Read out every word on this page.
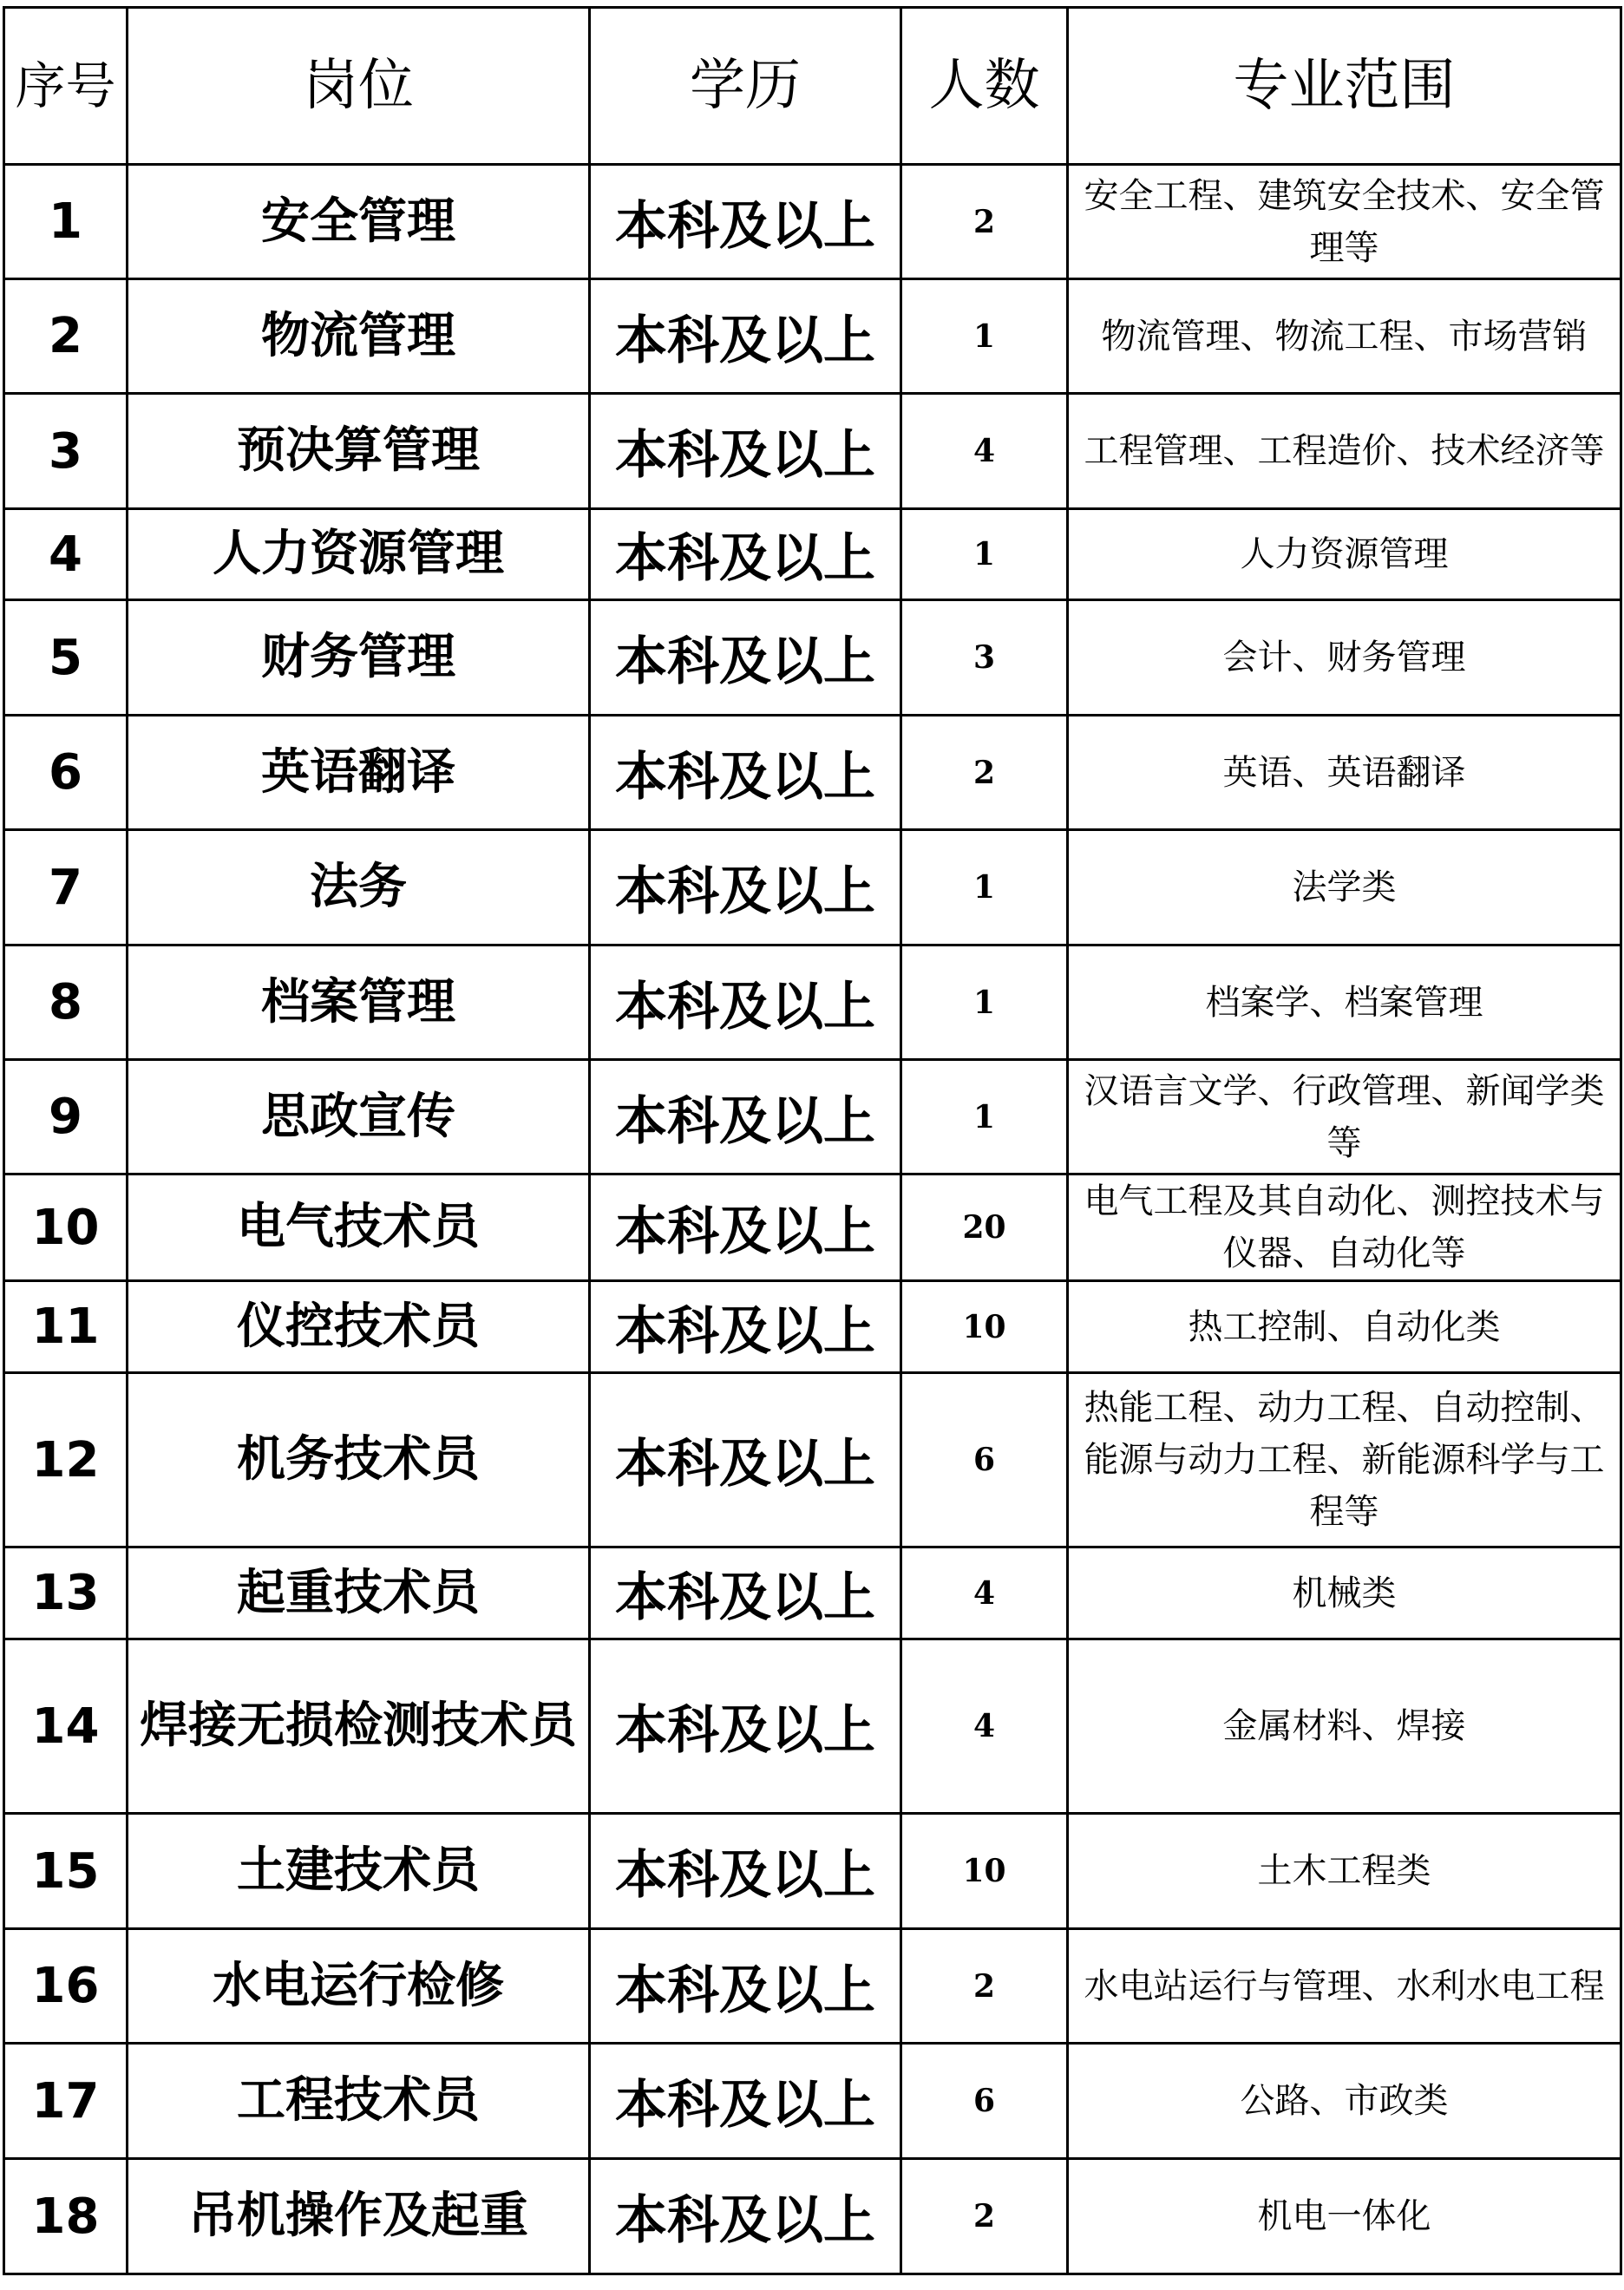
序号	岗位	学历	人数	专业范围
1	安全管理	本科及以上	2	安全工程、建筑安全技术、安全管理等
2	物流管理	本科及以上	1	物流管理、物流工程、市场营销
3	预决算管理	本科及以上	4	工程管理、工程造价、技术经济等
4	人力资源管理	本科及以上	1	人力资源管理
5	财务管理	本科及以上	3	会计、财务管理
6	英语翻译	本科及以上	2	英语、英语翻译
7	法务	本科及以上	1	法学类
8	档案管理	本科及以上	1	档案学、档案管理
9	思政宣传	本科及以上	1	汉语言文学、行政管理、新闻学类等
10	电气技术员	本科及以上	20	电气工程及其自动化、测控技术与仪器、自动化等
11	仪控技术员	本科及以上	10	热工控制、自动化类
12	机务技术员	本科及以上	6	热能工程、动力工程、自动控制、能源与动力工程、新能源科学与工程等
13	起重技术员	本科及以上	4	机械类
14	焊接无损检测技术员	本科及以上	4	金属材料、焊接
15	土建技术员	本科及以上	10	土木工程类
16	水电运行检修	本科及以上	2	水电站运行与管理、水利水电工程
17	工程技术员	本科及以上	6	公路、市政类
18	吊机操作及起重	本科及以上	2	机电一体化
